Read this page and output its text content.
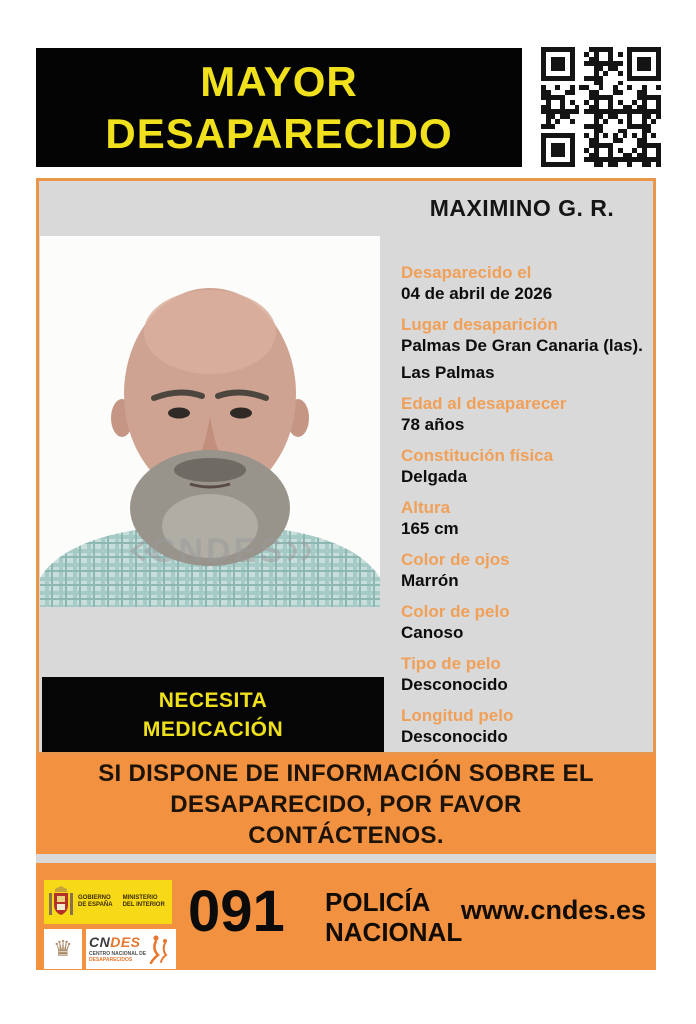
MAYOR
DESAPARECIDO
CNDES
NECESITA
MEDICACIÓN
MAXIMINO G. R.
Desaparecido el
04 de abril de 2026
Lugar desaparición
Palmas De Gran Canaria (las).
Las Palmas
Edad al desaparecer
78 años
Constitución física
Delgada
Altura
165 cm
Color de ojos
Marrón
Color de pelo
Canoso
Tipo de pelo
Desconocido
Longitud pelo
Desconocido
SI DISPONE DE INFORMACIÓN SOBRE EL
DESAPARECIDO, POR FAVOR
CONTÁCTENOS.
GOBIERNO
DE ESPAÑA
MINISTERIO
DEL INTERIOR
♛ CNDES
CENTRO NACIONAL DE
DESAPARECIDOS
091 POLICÍA
NACIONAL
www.cndes.es
